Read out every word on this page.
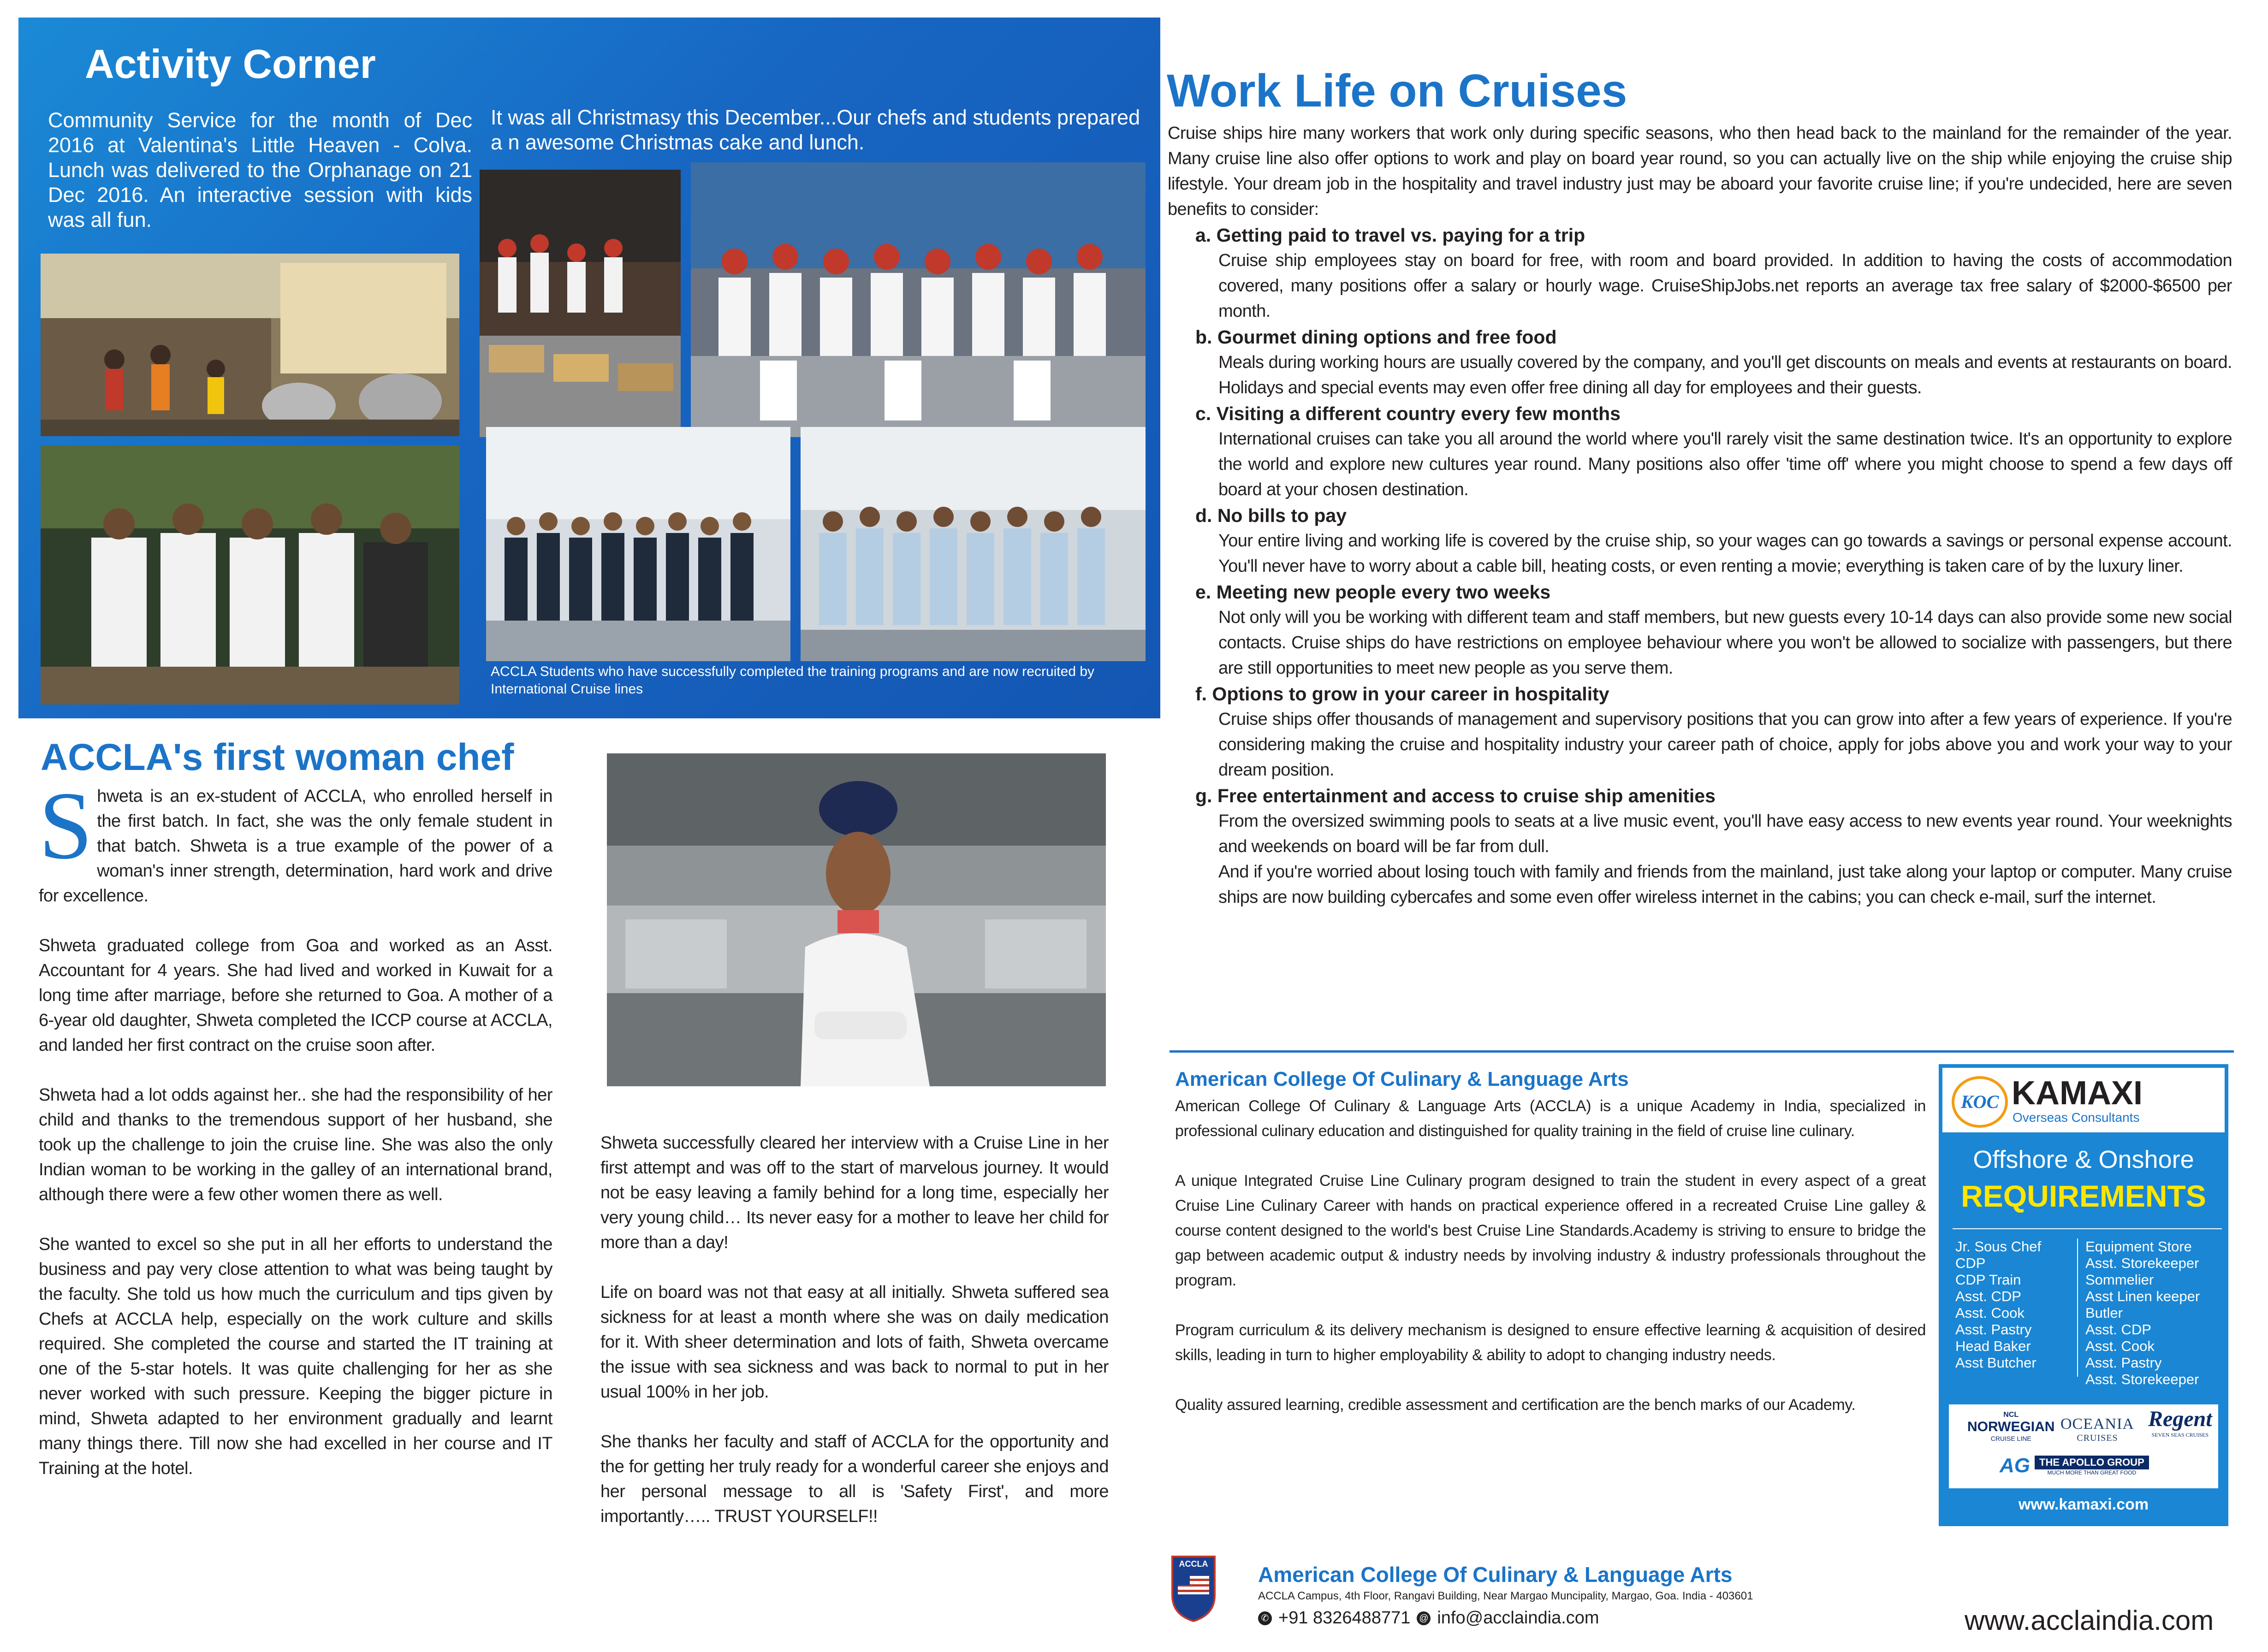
Activity Corner
Community Service for the month of Dec 2016 at Valentina's Little Heaven - Colva. Lunch was delivered to the Orphanage on 21 Dec 2016. An interactive session with kids was all fun.
It was all Christmasy this December...Our chefs and students prepared a n awesome Christmas cake and lunch.
ACCLA Students who have successfully completed the training programs and are now recruited by International Cruise lines
Work Life on Cruises
Cruise ships hire many workers that work only during specific seasons, who then head back to the mainland for the remainder of the year. Many cruise line also offer options to work and play on board year round, so you can actually live on the ship while enjoying the cruise ship lifestyle. Your dream job in the hospitality and travel industry just may be aboard your favorite cruise line; if you're undecided, here are seven benefits to consider:
a. Getting paid to travel vs. paying for a trip
Cruise ship employees stay on board for free, with room and board provided. In addition to having the costs of accommodation covered, many positions offer a salary or hourly wage. CruiseShipJobs.net reports an average tax free salary of $2000-$6500 per month.
b. Gourmet dining options and free food
Meals during working hours are usually covered by the company, and you'll get discounts on meals and events at restaurants on board. Holidays and special events may even offer free dining all day for employees and their guests.
c. Visiting a different country every few months
International cruises can take you all around the world where you'll rarely visit the same destination twice. It's an opportunity to explore the world and explore new cultures year round. Many positions also offer 'time off' where you might choose to spend a few days off board at your chosen destination.
d. No bills to pay
Your entire living and working life is covered by the cruise ship, so your wages can go towards a savings or personal expense account. You'll never have to worry about a cable bill, heating costs, or even renting a movie; everything is taken care of by the luxury liner.
e. Meeting new people every two weeks
Not only will you be working with different team and staff members, but new guests every 10-14 days can also provide some new social contacts. Cruise ships do have restrictions on employee behaviour where you won't be allowed to socialize with passengers, but there are still opportunities to meet new people as you serve them.
f. Options to grow in your career in hospitality
Cruise ships offer thousands of management and supervisory positions that you can grow into after a few years of experience. If you're considering making the cruise and hospitality industry your career path of choice, apply for jobs above you and work your way to your dream position.
g. Free entertainment and access to cruise ship amenities
From the oversized swimming pools to seats at a live music event, you'll have easy access to new events year round. Your weeknights and weekends on board will be far from dull.
And if you're worried about losing touch with family and friends from the mainland, just take along your laptop or computer. Many cruise ships are now building cybercafes and some even offer wireless internet in the cabins; you can check e-mail, surf the internet.
ACCLA's first woman chef
Shweta is an ex-student of ACCLA, who enrolled herself in the first batch. In fact, she was the only female student in that batch. Shweta is a true example of the power of a woman's inner strength, determination, hard work and drive for excellence.
Shweta graduated college from Goa and worked as an Asst. Accountant for 4 years. She had lived and worked in Kuwait for a long time after marriage, before she returned to Goa. A mother of a 6-year old daughter, Shweta completed the ICCP course at ACCLA, and landed her first contract on the cruise soon after.
Shweta had a lot odds against her.. she had the responsibility of her child and thanks to the tremendous support of her husband, she took up the challenge to join the cruise line. She was also the only Indian woman to be working in the galley of an international brand, although there were a few other women there as well.
She wanted to excel so she put in all her efforts to understand the business and pay very close attention to what was being taught by the faculty. She told us how much the curriculum and tips given by Chefs at ACCLA help, especially on the work culture and skills required. She completed the course and started the IT training at one of the 5-star hotels. It was quite challenging for her as she never worked with such pressure. Keeping the bigger picture in mind, Shweta adapted to her environment gradually and learnt many things there. Till now she had excelled in her course and IT Training at the hotel.
Shweta successfully cleared her interview with a Cruise Line in her first attempt and was off to the start of marvelous journey. It would not be easy leaving a family behind for a long time, especially her very young child… Its never easy for a mother to leave her child for more than a day!
Life on board was not that easy at all initially. Shweta suffered sea sickness for at least a month where she was on daily medication for it. With sheer determination and lots of faith, Shweta overcame the issue with sea sickness and was back to normal to put in her usual 100% in her job.
She thanks her faculty and staff of ACCLA for the opportunity and the for getting her truly ready for a wonderful career she enjoys and her personal message to all is 'Safety First', and more importantly….. TRUST YOURSELF!!
American College Of Culinary & Language Arts
American College Of Culinary & Language Arts (ACCLA) is a unique Academy in India, specialized in professional culinary education and distinguished for quality training in the field of cruise line culinary.
A unique Integrated Cruise Line Culinary program designed to train the student in every aspect of a great Cruise Line Culinary Career with hands on practical experience offered in a recreated Cruise Line galley & course content designed to the world's best Cruise Line Standards.Academy is striving to ensure to bridge the gap between academic output & industry needs by involving industry & industry professionals throughout the program.
Program curriculum & its delivery mechanism is designed to ensure effective learning & acquisition of desired skills, leading in turn to higher employability & ability to adopt to changing industry needs.
Quality assured learning, credible assessment and certification are the bench marks of our Academy.
KOC KAMAXI
Overseas Consultants
Offshore & Onshore
REQUIREMENTS
Jr. Sous Chef
CDP
CDP Train
Asst. CDP
Asst. Cook
Asst. Pastry
Head Baker
Asst Butcher
Equipment Store
Asst. Storekeeper
Sommelier
Asst Linen keeper
Butler
Asst. CDP
Asst. Cook
Asst. Pastry
Asst. Storekeeper
NCL
NORWEGIAN
CRUISE LINE
OCEANIA
CRUISES
Regent
SEVEN SEAS CRUISES
AG THE APOLLO GROUP
MUCH MORE THAN GREAT FOOD
www.kamaxi.com
ACCLA	American College Of Culinary & Language Arts
ACCLA Campus, 4th Floor, Rangavi Building, Near Margao Muncipality, Margao, Goa. India - 403601
✆ +91 8326488771 @ info@acclaindia.com	www.acclaindia.com
